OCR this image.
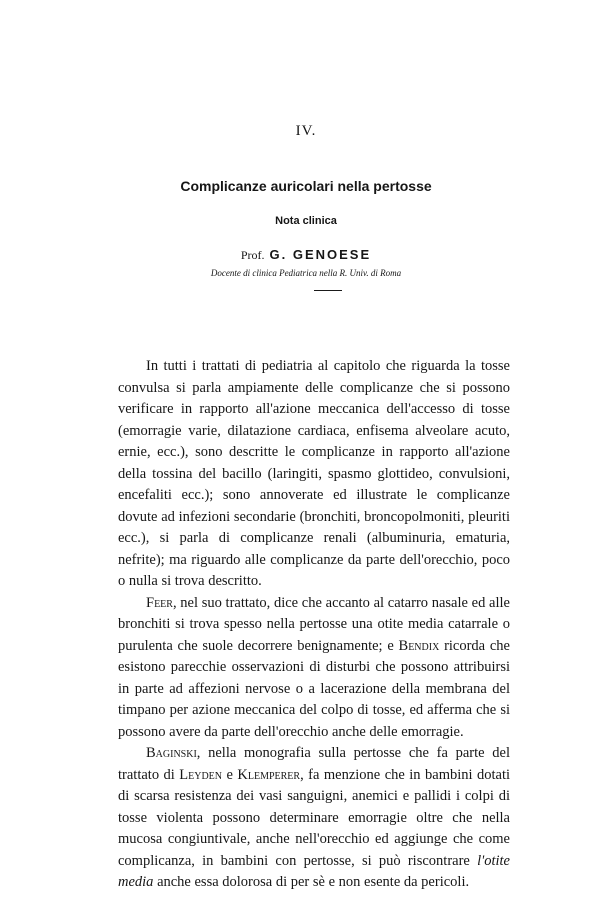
IV.
Complicanze auricolari nella pertosse
Nota clinica
Prof. G. GENOESE
Docente di clinica Pediatrica nella R. Univ. di Roma

In tutti i trattati di pediatria al capitolo che riguarda la tosse convulsa si parla ampiamente delle complicanze che si possono verificare in rapporto all'azione meccanica dell'accesso di tosse (emorragie varie, dilatazione cardiaca, enfisema alveolare acuto, ernie, ecc.), sono descritte le complicanze in rapporto all'azione della tossina del bacillo (laringiti, spasmo glottideo, convulsioni, encefaliti ecc.); sono annoverate ed illustrate le complicanze dovute ad infezioni secondarie (bronchiti, broncopolmoniti, pleuriti ecc.), si parla di complicanze renali (albuminuria, ematuria, nefrite); ma riguardo alle complicanze da parte dell'orecchio, poco o nulla si trova descritto.

Feer, nel suo trattato, dice che accanto al catarro nasale ed alle bronchiti si trova spesso nella pertosse una otite media catarrale o purulenta che suole decorrere benignamente; e Bendix ricorda che esistono parecchie osservazioni di disturbi che possono attribuirsi in parte ad affezioni nervose o a lacerazione della membrana del timpano per azione meccanica del colpo di tosse, ed afferma che si possono avere da parte dell'orecchio anche delle emorragie.

Baginski, nella monografia sulla pertosse che fa parte del trattato di Leyden e Klemperer, fa menzione che in bambini dotati di scarsa resistenza dei vasi sanguigni, anemici e pallidi i colpi di tosse violenta possono determinare emorragie oltre che nella mucosa congiuntivale, anche nell'orecchio ed aggiunge che come complicanza, in bambini con pertosse, si può riscontrare l'otite media anche essa dolorosa di per sè e non esente da pericoli.
